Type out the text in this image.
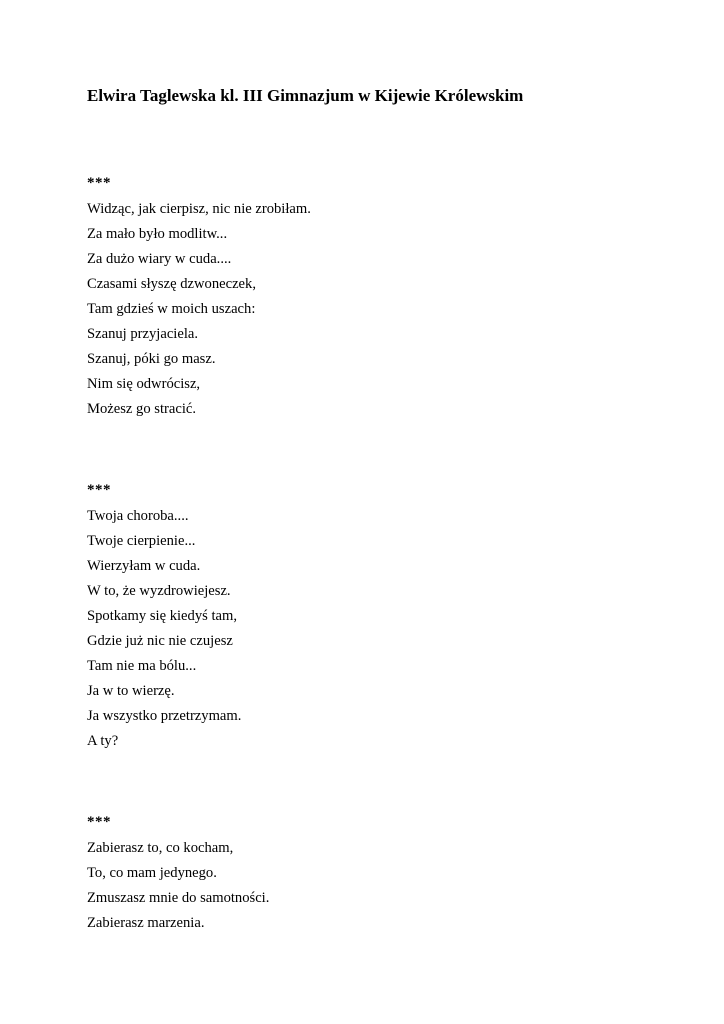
Elwira Taglewska kl. III Gimnazjum w Kijewie Królewskim
***
Widząc, jak cierpisz, nic nie zrobiłam.
Za mało było modlitw...
Za dużo wiary w cuda....
Czasami słyszę dzwoneczek,
Tam gdzieś w moich uszach:
Szanuj przyjaciela.
Szanuj, póki go masz.
Nim się odwrócisz,
Możesz go stracić.
***
Twoja choroba....
Twoje cierpienie...
Wierzyłam w cuda.
W to, że wyzdrowiejesz.
Spotkamy się kiedyś tam,
Gdzie już nic nie czujesz
Tam nie ma bólu...
Ja w to wierzę.
Ja wszystko przetrzymam.
A ty?
***
Zabierasz to, co kocham,
To, co mam jedynego.
Zmuszasz mnie do samotności.
Zabierasz marzenia.
